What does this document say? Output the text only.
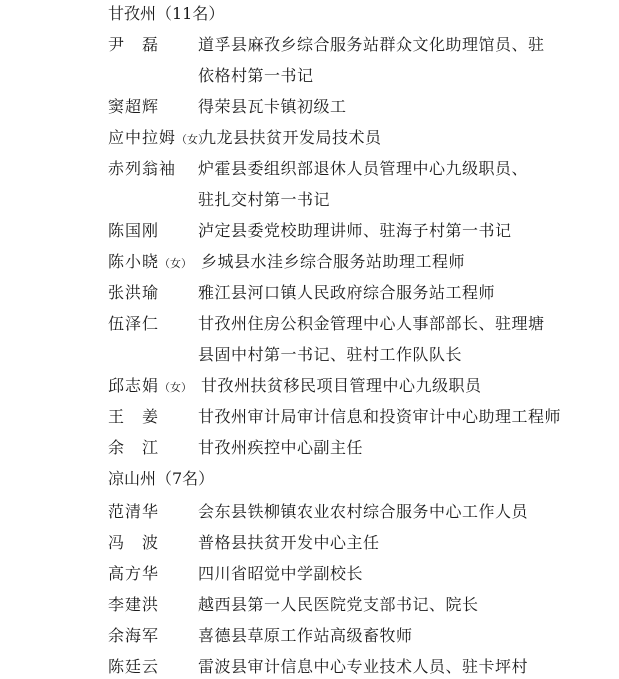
甘孜州（11名）
尹　磊 道孚县麻孜乡综合服务站群众文化助理馆员、驻
依格村第一书记
窦超辉 得荣县瓦卡镇初级工
应中拉姆（女）
九龙县扶贫开发局技术员
赤列翁袖 炉霍县委组织部退休人员管理中心九级职员、
驻扎交村第一书记
陈国刚 泸定县委党校助理讲师、驻海子村第一书记
陈小晓（女） 乡城县水洼乡综合服务站助理工程师
张洪瑜 雅江县河口镇人民政府综合服务站工程师
伍泽仁 甘孜州住房公积金管理中心人事部部长、驻理塘
县固中村第一书记、驻村工作队队长
邱志娟（女） 甘孜州扶贫移民项目管理中心九级职员
王　姜 甘孜州审计局审计信息和投资审计中心助理工程师
余　江 甘孜州疾控中心副主任
凉山州（7名）
范清华 会东县铁柳镇农业农村综合服务中心工作人员
冯　波 普格县扶贫开发中心主任
高方华 四川省昭觉中学副校长
李建洪 越西县第一人民医院党支部书记、院长
余海军 喜德县草原工作站高级畜牧师
陈廷云 雷波县审计信息中心专业技术人员、驻卡坪村
